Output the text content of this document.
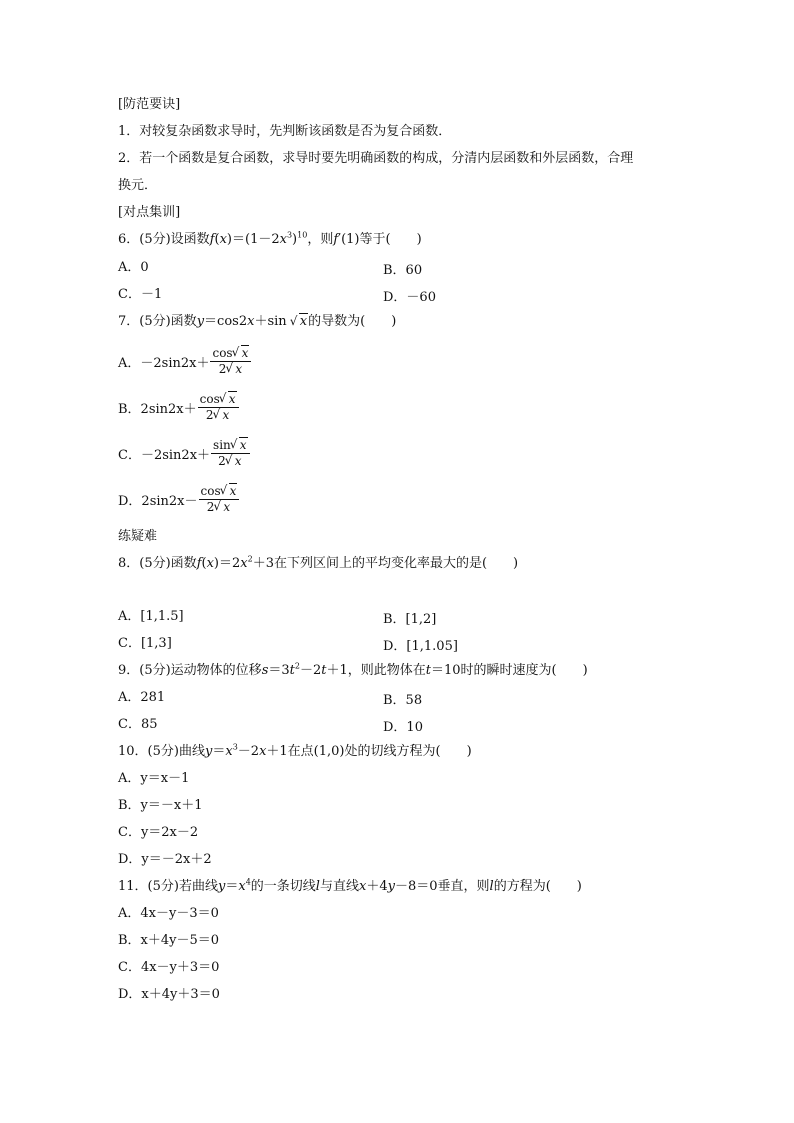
[防范要诀]
1．对较复杂函数求导时，先判断该函数是否为复合函数．
2．若一个函数是复合函数，求导时要先明确函数的构成，分清内层函数和外层函数，合理
换元．
[对点集训]
6．(5分)设函数$f(x)=(1-2x^3)^{10}$，则f′(1)等于(　　)
A．0	B．60
C．－1	D．－60
7．(5分)函数y＝cos2x＋sin √ x的导数为(　　)
A．$-2\sin 2x+ \frac{\cos √ x}{2 √ x}$
B．$2\sin 2x+ \frac{\cos √ x}{2 √ x}$
C．$-2\sin 2x+ \frac{\sin √ x}{2 √ x}$
D．$2\sin 2x- \frac{\cos √ x}{2 √ x}$
练疑难
8．(5分)函数$f(x)=2x^2+3$在下列区间上的平均变化率最大的是(　　)
A．[1,1.5]	B．[1,2]
C．[1,3]	D．[1,1.05]
9．(5分)运动物体的位移$s=3t^2-2t+1$，则此物体在t＝10时的瞬时速度为(　　)
A．281	B．58
C．85	D．10
10．(5分)曲线$y=x^3-2x+1$在点(1,0)处的切线方程为(　　)
A．y＝x－1
B．y＝－x＋1
C．y＝2x－2
D．y＝－2x＋2
11．(5分)若曲线$y=x^4$的一条切线l与直线x＋4y－8＝0垂直，则l的方程为(　　)
A．4x－y－3＝0
B．x＋4y－5＝0
C．4x－y＋3＝0
D．x＋4y＋3＝0
